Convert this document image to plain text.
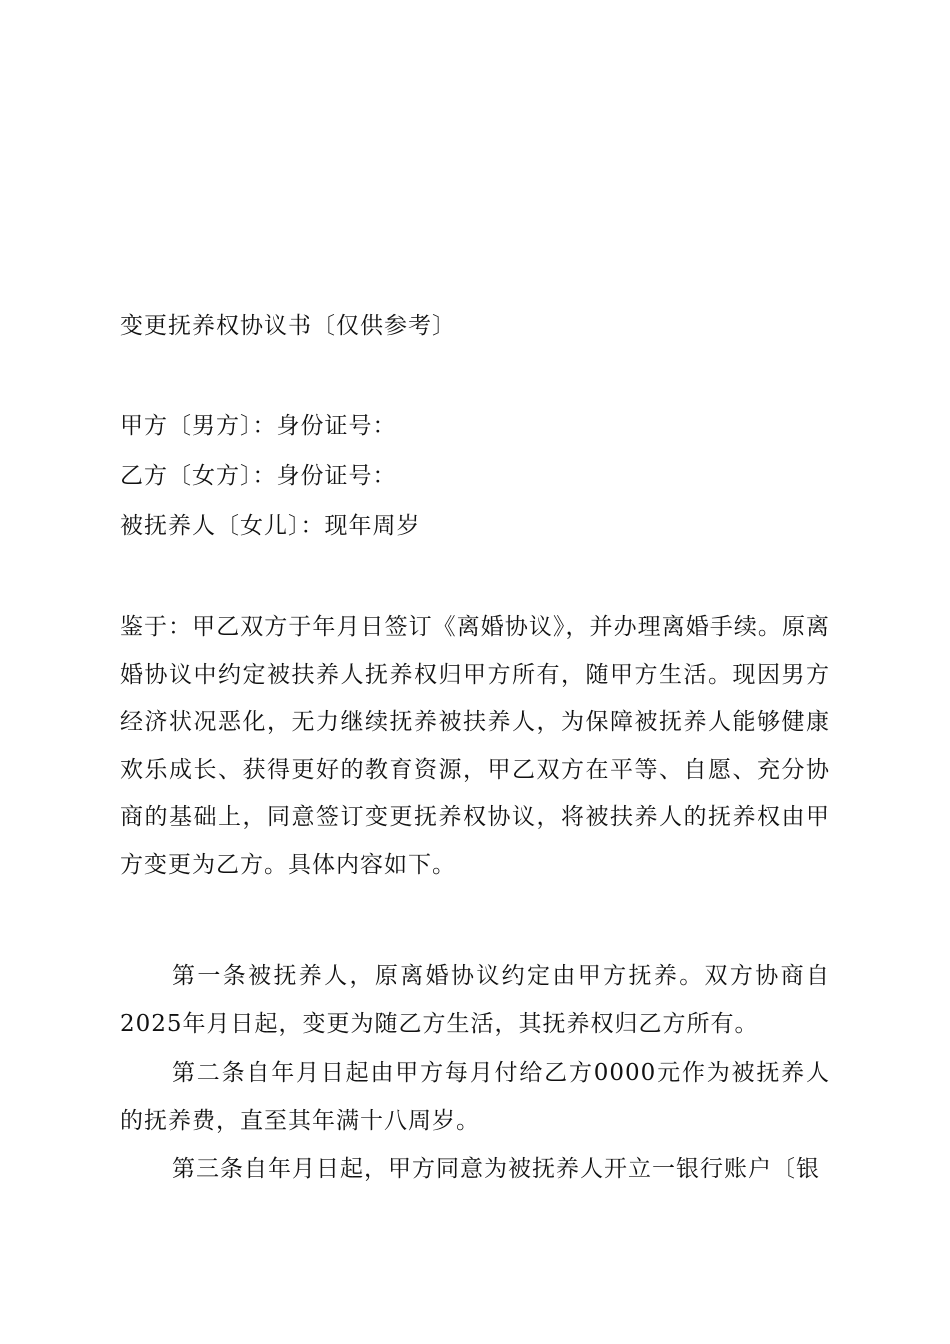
变更抚养权协议书〔仅供参考〕
甲方〔男方〕：身份证号：
乙方〔女方〕：身份证号：
被抚养人〔女儿〕：现年周岁
鉴于：甲乙双方于年月日签订《离婚协议》，并办理离婚手续。原离婚协议中约定被扶养人抚养权归甲方所有，随甲方生活。现因男方经济状况恶化，无力继续抚养被扶养人，为保障被抚养人能够健康欢乐成长、获得更好的教育资源，甲乙双方在平等、自愿、充分协商的基础上，同意签订变更抚养权协议，将被扶养人的抚养权由甲方变更为乙方。具体内容如下。
第一条被抚养人，原离婚协议约定由甲方抚养。双方协商自2025年月日起，变更为随乙方生活，其抚养权归乙方所有。
第二条自年月日起由甲方每月付给乙方0000元作为被抚养人的抚养费，直至其年满十八周岁。
第三条自年月日起，甲方同意为被抚养人开立一银行账户〔银
